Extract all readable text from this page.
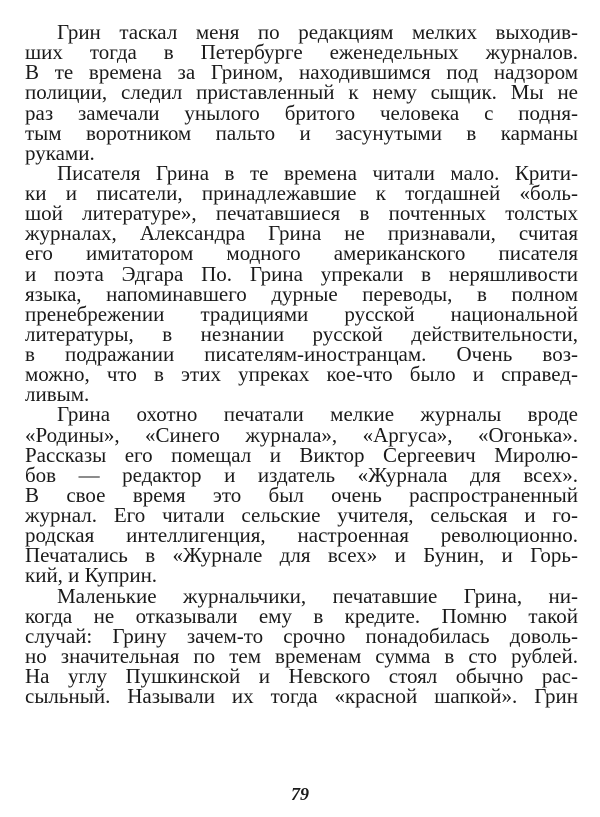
Грин таскал меня по редакциям мелких выходив-
ших тогда в Петербурге еженедельных журналов.
В те времена за Грином, находившимся под надзором
полиции, следил приставленный к нему сыщик. Мы не
раз замечали унылого бритого человека с подня-
тым воротником пальто и засунутыми в карманы
руками.
Писателя Грина в те времена читали мало. Крити-
ки и писатели, принадлежавшие к тогдашней «боль-
шой литературе», печатавшиеся в почтенных толстых
журналах, Александра Грина не признавали, считая
его имитатором модного американского писателя
и поэта Эдгара По. Грина упрекали в неряшливости
языка, напоминавшего дурные переводы, в полном
пренебрежении традициями русской национальной
литературы, в незнании русской действительности,
в подражании писателям-иностранцам. Очень воз-
можно, что в этих упреках кое-что было и справед-
ливым.
Грина охотно печатали мелкие журналы вроде
«Родины», «Синего журнала», «Аргуса», «Огонька».
Рассказы его помещал и Виктор Сергеевич Миролю-
бов — редактор и издатель «Журнала для всех».
В свое время это был очень распространенный
журнал. Его читали сельские учителя, сельская и го-
родская интеллигенция, настроенная революционно.
Печатались в «Журнале для всех» и Бунин, и Горь-
кий, и Куприн.
Маленькие журнальчики, печатавшие Грина, ни-
когда не отказывали ему в кредите. Помню такой
случай: Грину зачем-то срочно понадобилась доволь-
но значительная по тем временам сумма в сто рублей.
На углу Пушкинской и Невского стоял обычно рас-
сыльный. Называли их тогда «красной шапкой». Грин
79
